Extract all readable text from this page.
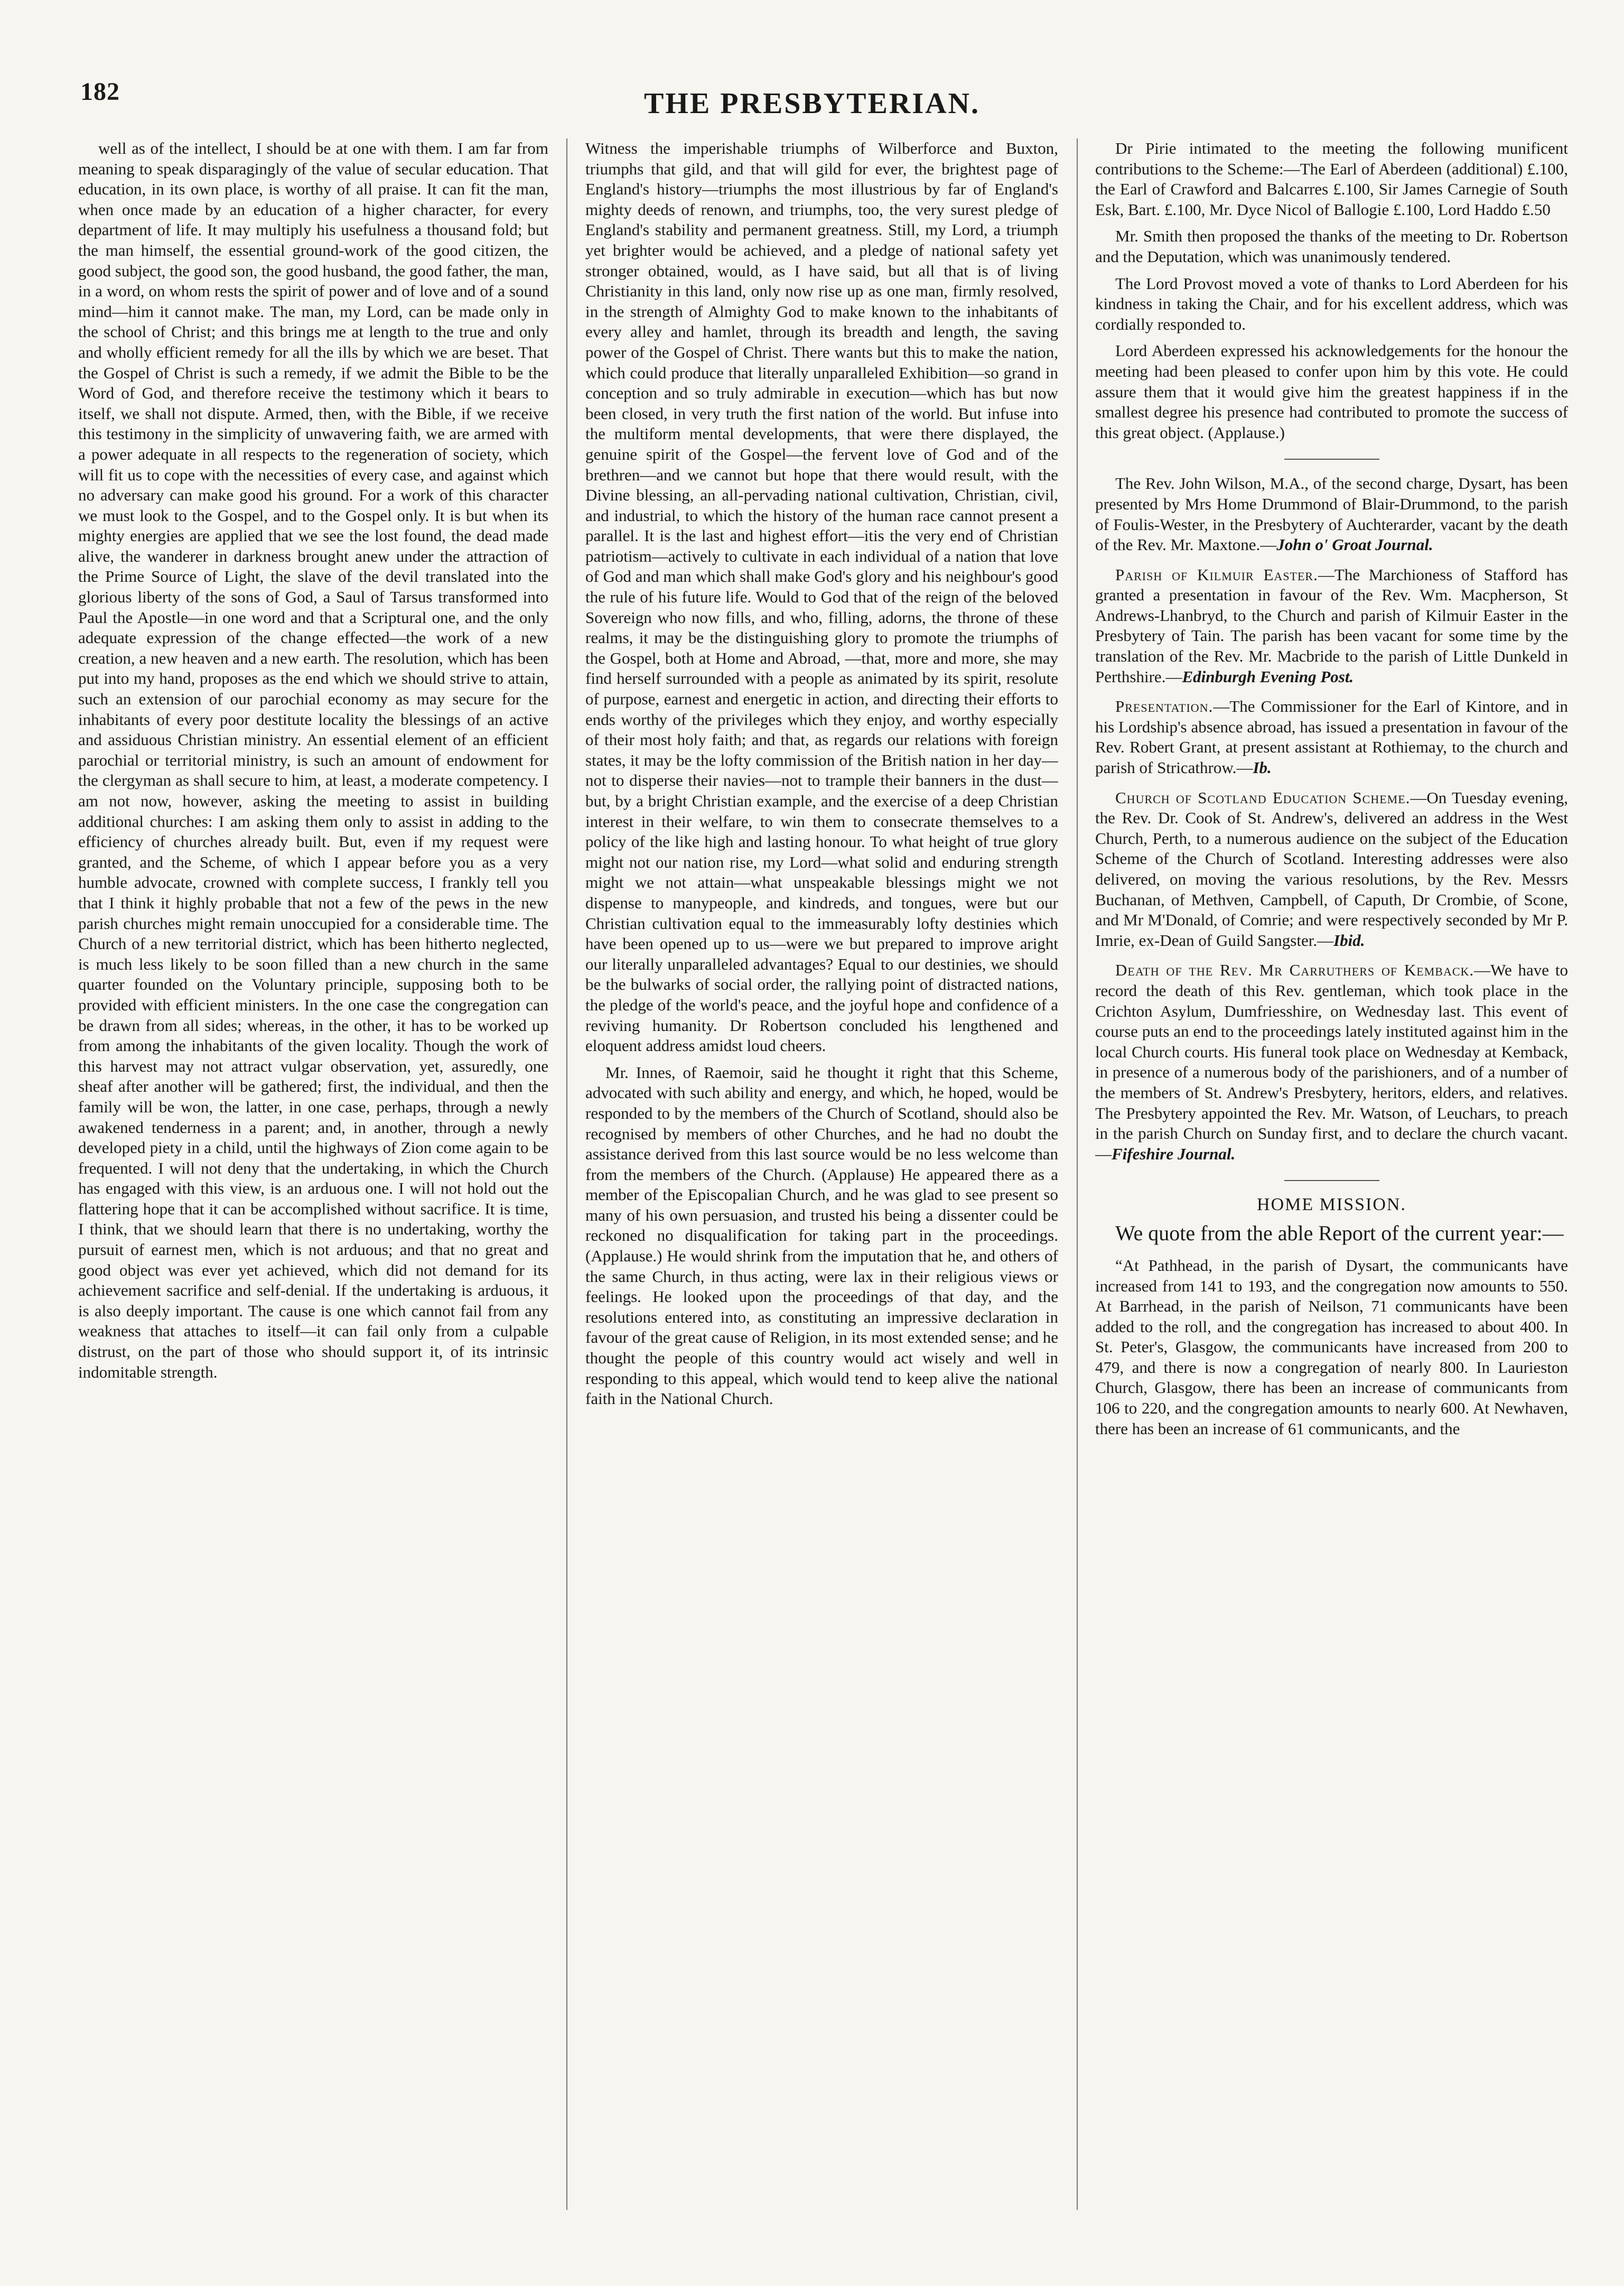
182	THE PRESBYTERIAN.

well as of the intellect, I should be at one with them. I am far from meaning to speak disparagingly of the value of secular education. That education, in its own place, is worthy of all praise. It can fit the man, when once made by an education of a higher character, for every department of life. It may multiply his usefulness a thousand fold; but the man himself, the essential ground-work of the good citizen, the good subject, the good son, the good husband, the good father, the man, in a word, on whom rests the spirit of power and of love and of a sound mind—him it cannot make. The man, my Lord, can be made only in the school of Christ; and this brings me at length to the true and only and wholly efficient remedy for all the ills by which we are beset. That the Gospel of Christ is such a remedy, if we admit the Bible to be the Word of God, and therefore receive the testimony which it bears to itself, we shall not dispute. Armed, then, with the Bible, if we receive this testimony in the simplicity of unwavering faith, we are armed with a power adequate in all respects to the regeneration of society, which will fit us to cope with the necessities of every case, and against which no adversary can make good his ground. For a work of this character we must look to the Gospel, and to the Gospel only. It is but when its mighty energies are applied that we see the lost found, the dead made alive, the wanderer in darkness brought anew under the attraction of the Prime Source of Light, the slave of the devil translated into the glorious liberty of the sons of God, a Saul of Tarsus transformed into Paul the Apostle—in one word and that a Scriptural one, and the only adequate expression of the change effected—the work of a new creation, a new heaven and a new earth. The resolution, which has been put into my hand, proposes as the end which we should strive to attain, such an extension of our parochial economy as may secure for the inhabitants of every poor destitute locality the blessings of an active and assiduous Christian ministry. An essential element of an efficient parochial or territorial ministry, is such an amount of endowment for the clergyman as shall secure to him, at least, a moderate competency. I am not now, however, asking the meeting to assist in building additional churches: I am asking them only to assist in adding to the efficiency of churches already built. But, even if my request were granted, and the Scheme, of which I appear before you as a very humble advocate, crowned with complete success, I frankly tell you that I think it highly probable that not a few of the pews in the new parish churches might remain unoccupied for a considerable time. The Church of a new territorial district, which has been hitherto neglected, is much less likely to be soon filled than a new church in the same quarter founded on the Voluntary principle, supposing both to be provided with efficient ministers. In the one case the congregation can be drawn from all sides; whereas, in the other, it has to be worked up from among the inhabitants of the given locality. Though the work of this harvest may not attract vulgar observation, yet, assuredly, one sheaf after another will be gathered; first, the individual, and then the family will be won, the latter, in one case, perhaps, through a newly awakened tenderness in a parent; and, in another, through a newly developed piety in a child, until the highways of Zion come again to be frequented. I will not deny that the undertaking, in which the Church has engaged with this view, is an arduous one. I will not hold out the flattering hope that it can be accomplished without sacrifice. It is time, I think, that we should learn that there is no undertaking, worthy the pursuit of earnest men, which is not arduous; and that no great and good object was ever yet achieved, which did not demand for its achievement sacrifice and self-denial. If the undertaking is arduous, it is also deeply important. The cause is one which cannot fail from any weakness that attaches to itself—it can fail only from a culpable distrust, on the part of those who should support it, of its intrinsic indomitable strength.

Witness the imperishable triumphs of Wilberforce and Buxton, triumphs that gild, and that will gild for ever, the brightest page of England's history—triumphs the most illustrious by far of England's mighty deeds of renown, and triumphs, too, the very surest pledge of England's stability and permanent greatness. Still, my Lord, a triumph yet brighter would be achieved, and a pledge of national safety yet stronger obtained, would, as I have said, but all that is of living Christianity in this land, only now rise up as one man, firmly resolved, in the strength of Almighty God to make known to the inhabitants of every alley and hamlet, through its breadth and length, the saving power of the Gospel of Christ. There wants but this to make the nation, which could produce that literally unparalleled Exhibition—so grand in conception and so truly admirable in execution—which has but now been closed, in very truth the first nation of the world. But infuse into the multiform mental developments, that were there displayed, the genuine spirit of the Gospel—the fervent love of God and of the brethren—and we cannot but hope that there would result, with the Divine blessing, an all-pervading national cultivation, Christian, civil, and industrial, to which the history of the human race cannot present a parallel. It is the last and highest effort—itis the very end of Christian patriotism—actively to cultivate in each individual of a nation that love of God and man which shall make God's glory and his neighbour's good the rule of his future life. Would to God that of the reign of the beloved Sovereign who now fills, and who, filling, adorns, the throne of these realms, it may be the distinguishing glory to promote the triumphs of the Gospel, both at Home and Abroad, —that, more and more, she may find herself surrounded with a people as animated by its spirit, resolute of purpose, earnest and energetic in action, and directing their efforts to ends worthy of the privileges which they enjoy, and worthy especially of their most holy faith; and that, as regards our relations with foreign states, it may be the lofty commission of the British nation in her day—not to disperse their navies—not to trample their banners in the dust—but, by a bright Christian example, and the exercise of a deep Christian interest in their welfare, to win them to consecrate themselves to a policy of the like high and lasting honour. To what height of true glory might not our nation rise, my Lord—what solid and enduring strength might we not attain—what unspeakable blessings might we not dispense to manypeople, and kindreds, and tongues, were but our Christian cultivation equal to the immeasurably lofty destinies which have been opened up to us—were we but prepared to improve aright our literally unparalleled advantages? Equal to our destinies, we should be the bulwarks of social order, the rallying point of distracted nations, the pledge of the world's peace, and the joyful hope and confidence of a reviving humanity. Dr Robertson concluded his lengthened and eloquent address amidst loud cheers.

Mr. Innes, of Raemoir, said he thought it right that this Scheme, advocated with such ability and energy, and which, he hoped, would be responded to by the members of the Church of Scotland, should also be recognised by members of other Churches, and he had no doubt the assistance derived from this last source would be no less welcome than from the members of the Church. (Applause) He appeared there as a member of the Episcopalian Church, and he was glad to see present so many of his own persuasion, and trusted his being a dissenter could be reckoned no disqualification for taking part in the proceedings. (Applause.) He would shrink from the imputation that he, and others of the same Church, in thus acting, were lax in their religious views or feelings. He looked upon the proceedings of that day, and the resolutions entered into, as constituting an impressive declaration in favour of the great cause of Religion, in its most extended sense; and he thought the people of this country would act wisely and well in responding to this appeal, which would tend to keep alive the national faith in the National Church.

Dr Pirie intimated to the meeting the following munificent contributions to the Scheme:—The Earl of Aberdeen (additional) £.100, the Earl of Crawford and Balcarres £.100, Sir James Carnegie of South Esk, Bart. £.100, Mr. Dyce Nicol of Ballogie £.100, Lord Haddo £.50

Mr. Smith then proposed the thanks of the meeting to Dr. Robertson and the Deputation, which was unanimously tendered.

The Lord Provost moved a vote of thanks to Lord Aberdeen for his kindness in taking the Chair, and for his excellent address, which was cordially responded to.

Lord Aberdeen expressed his acknowledgements for the honour the meeting had been pleased to confer upon him by this vote. He could assure them that it would give him the greatest happiness if in the smallest degree his presence had contributed to promote the success of this great object. (Applause.)

The Rev. John Wilson, M.A., of the second charge, Dysart, has been presented by Mrs Home Drummond of Blair-Drummond, to the parish of Foulis-Wester, in the Presbytery of Auchterarder, vacant by the death of the Rev. Mr. Maxtone.—John o' Groat Journal.

Parish of Kilmuir Easter.—The Marchioness of Stafford has granted a presentation in favour of the Rev. Wm. Macpherson, St Andrews-Lhanbryd, to the Church and parish of Kilmuir Easter in the Presbytery of Tain. The parish has been vacant for some time by the translation of the Rev. Mr. Macbride to the parish of Little Dunkeld in Perthshire.—Edinburgh Evening Post.

Presentation.—The Commissioner for the Earl of Kintore, and in his Lordship's absence abroad, has issued a presentation in favour of the Rev. Robert Grant, at present assistant at Rothiemay, to the church and parish of Stricathrow.—Ib.

Church of Scotland Education Scheme.—On Tuesday evening, the Rev. Dr. Cook of St. Andrew's, delivered an address in the West Church, Perth, to a numerous audience on the subject of the Education Scheme of the Church of Scotland. Interesting addresses were also delivered, on moving the various resolutions, by the Rev. Messrs Buchanan, of Methven, Campbell, of Caputh, Dr Crombie, of Scone, and Mr M'Donald, of Comrie; and were respectively seconded by Mr P. Imrie, ex-Dean of Guild Sangster.—Ibid.

Death of the Rev. Mr Carruthers of Kemback.—We have to record the death of this Rev. gentleman, which took place in the Crichton Asylum, Dumfriesshire, on Wednesday last. This event of course puts an end to the proceedings lately instituted against him in the local Church courts. His funeral took place on Wednesday at Kemback, in presence of a numerous body of the parishioners, and of a number of the members of St. Andrew's Presbytery, heritors, elders, and relatives. The Presbytery appointed the Rev. Mr. Watson, of Leuchars, to preach in the parish Church on Sunday first, and to declare the church vacant.—Fifeshire Journal.

HOME MISSION.

We quote from the able Report of the current year:—

“At Pathhead, in the parish of Dysart, the communicants have increased from 141 to 193, and the congregation now amounts to 550. At Barrhead, in the parish of Neilson, 71 communicants have been added to the roll, and the congregation has increased to about 400. In St. Peter's, Glasgow, the communicants have increased from 200 to 479, and there is now a congregation of nearly 800. In Laurieston Church, Glasgow, there has been an increase of communicants from 106 to 220, and the congregation amounts to nearly 600. At Newhaven, there has been an increase of 61 communicants, and the
